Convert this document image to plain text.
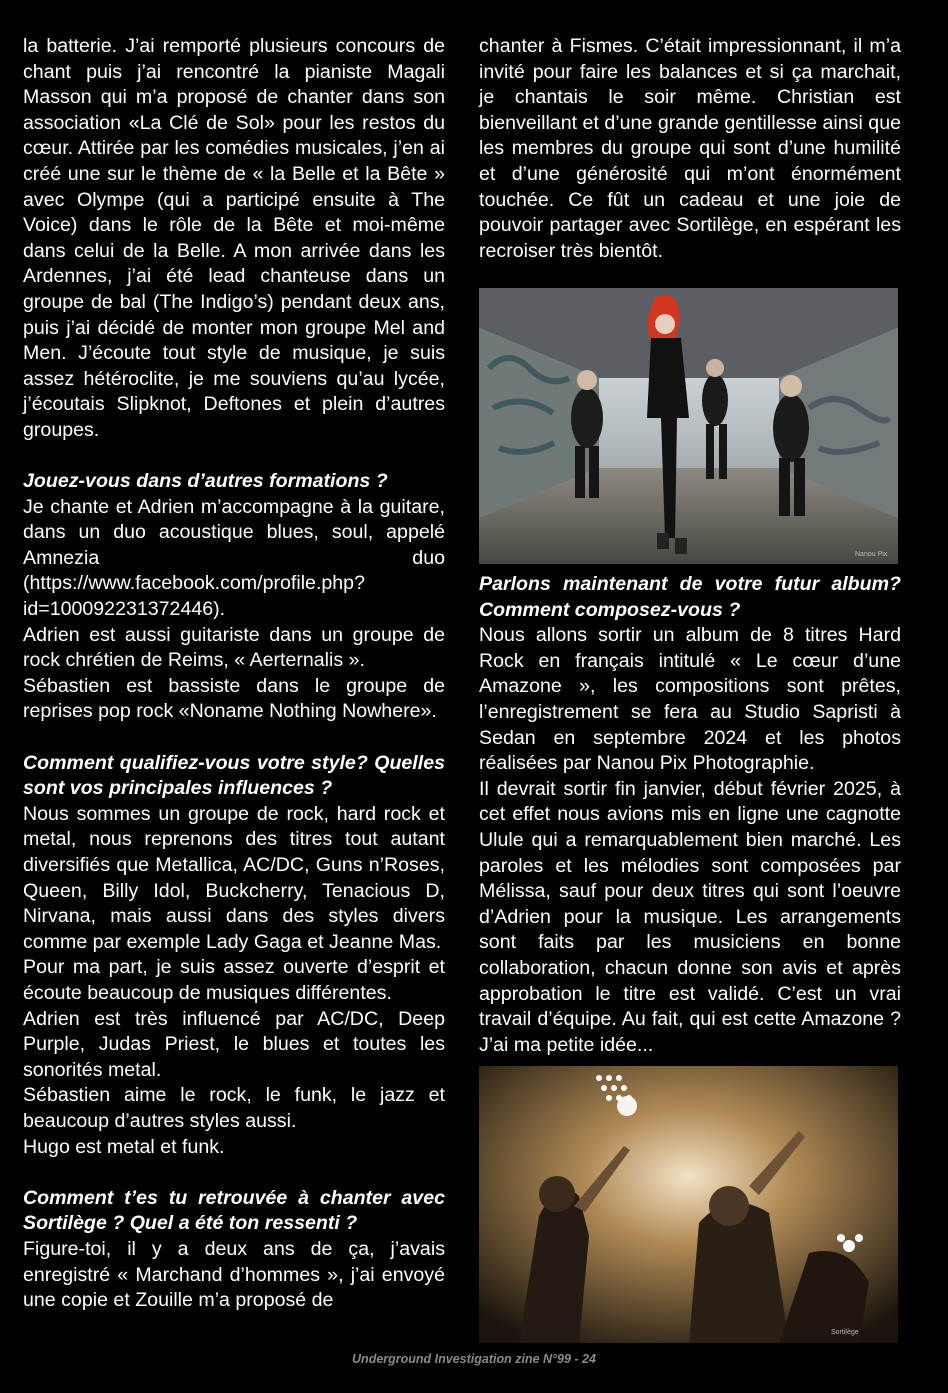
la batterie. J’ai remporté plusieurs concours de chant puis j’ai rencontré la pianiste Magali Masson qui m’a proposé de chanter dans son association «La Clé de Sol» pour les restos du cœur. Attirée par les comédies musicales, j’en ai créé une sur le thème de « la Belle et la Bête » avec Olympe (qui a participé ensuite à The Voice) dans le rôle de la Bête et moi-même dans celui de la Belle. A mon arrivée dans les Ardennes, j’ai été lead chanteuse dans un groupe de bal (The Indigo’s) pendant deux ans, puis j’ai décidé de monter mon groupe Mel and Men. J’écoute tout style de musique, je suis assez hétéroclite, je me souviens qu’au lycée, j’écoutais Slipknot, Deftones et plein d’autres groupes.

Jouez-vous dans d’autres formations ?

Je chante et Adrien m’accompagne à la guitare, dans un duo acoustique blues, soul, appelé Amnezia duo (https://www.facebook.com/profile.php?id=100092231372446).

Adrien est aussi guitariste dans un groupe de rock chrétien de Reims, « Aerternalis ».

Sébastien est bassiste dans le groupe de reprises pop rock «Noname Nothing Nowhere».

Comment qualifiez-vous votre style? Quelles sont vos principales influences ?

Nous sommes un groupe de rock, hard rock et metal, nous reprenons des titres tout autant diversifiés que Metallica, AC/DC, Guns n’Roses, Queen, Billy Idol, Buckcherry, Tenacious D, Nirvana, mais aussi dans des styles divers comme par exemple Lady Gaga et Jeanne Mas.

Pour ma part, je suis assez ouverte d’esprit et écoute beaucoup de musiques différentes.

Adrien est très influencé par AC/DC, Deep Purple, Judas Priest, le blues et toutes les sonorités metal.

Sébastien aime le rock, le funk, le jazz et beaucoup d’autres styles aussi.

Hugo est metal et funk.

Comment t’es tu retrouvée à chanter avec Sortilège ? Quel a été ton ressenti ?

Figure-toi, il y a deux ans de ça, j’avais enregistré « Marchand d’hommes », j’ai envoyé une copie et Zouille m’a proposé de

chanter à Fismes. C’était impressionnant, il m’a invité pour faire les balances et si ça marchait, je chantais le soir même. Christian est bienveillant et d’une grande gentillesse ainsi que les membres du groupe qui sont d’une humilité et d’une générosité qui m’ont énormément touchée. Ce fût un cadeau et une joie de pouvoir partager avec Sortilège, en espérant les recroiser très bientôt.

Nanou Pix
Sortilège

Parlons maintenant de votre futur album? Comment composez-vous ?

Nous allons sortir un album de 8 titres Hard Rock en français intitulé « Le cœur d’une Amazone », les compositions sont prêtes, l’enregistrement se fera au Studio Sapristi à Sedan en septembre 2024 et les photos réalisées par Nanou Pix Photographie.

Il devrait sortir fin janvier, début février 2025, à cet effet nous avions mis en ligne une cagnotte Ulule qui a remarquablement bien marché. Les paroles et les mélodies sont composées par Mélissa, sauf pour deux titres qui sont l’oeuvre d’Adrien pour la musique. Les arrangements sont faits par les musiciens en bonne collaboration, chacun donne son avis et après approbation le titre est validé. C’est un vrai travail d’équipe. Au fait, qui est cette Amazone ? J’ai ma petite idée...

Underground Investigation zine N°99 - 24
